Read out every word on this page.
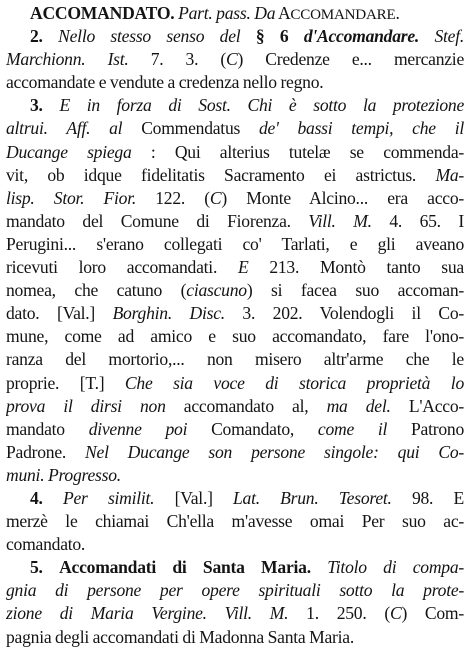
ACCOMANDATO. Part. pass. Da ACCOMANDARE.
2. Nello stesso senso del § 6 d'Accomandare. Stef.
Marchionn. Ist. 7. 3. (C) Credenze e... mercanzie
accomandate e vendute a credenza nello regno.
3. E in forza di Sost. Chi è sotto la protezione
altrui. Aff. al Commendatus de' bassi tempi, che il
Ducange spiega : Qui alterius tutelæ se commenda-
vit, ob idque fidelitatis Sacramento ei astrictus. Ma-
lisp. Stor. Fior. 122. (C) Monte Alcino... era acco-
mandato del Comune di Fiorenza. Vill. M. 4. 65. I
Perugini... s'erano collegati co' Tarlati, e gli aveano
ricevuti loro accomandati. E 213. Montò tanto sua
nomea, che catuno (ciascuno) si facea suo accoman-
dato. [Val.] Borghin. Disc. 3. 202. Volendogli il Co-
mune, come ad amico e suo accomandato, fare l'ono-
ranza del mortorio,... non misero altr'arme che le
proprie. [T.] Che sia voce di storica proprietà lo
prova il dirsi non accomandato al, ma del. L'Acco-
mandato divenne poi Comandato, come il Patrono
Padrone. Nel Ducange son persone singole: qui Co-
muni. Progresso.
4. Per similit. [Val.] Lat. Brun. Tesoret. 98. E
merzè le chiamai Ch'ella m'avesse omai Per suo ac-
comandato.
5. Accomandati di Santa Maria. Titolo di compa-
gnia di persone per opere spirituali sotto la prote-
zione di Maria Vergine. Vill. M. 1. 250. (C) Com-
pagnia degli accomandati di Madonna Santa Maria.
